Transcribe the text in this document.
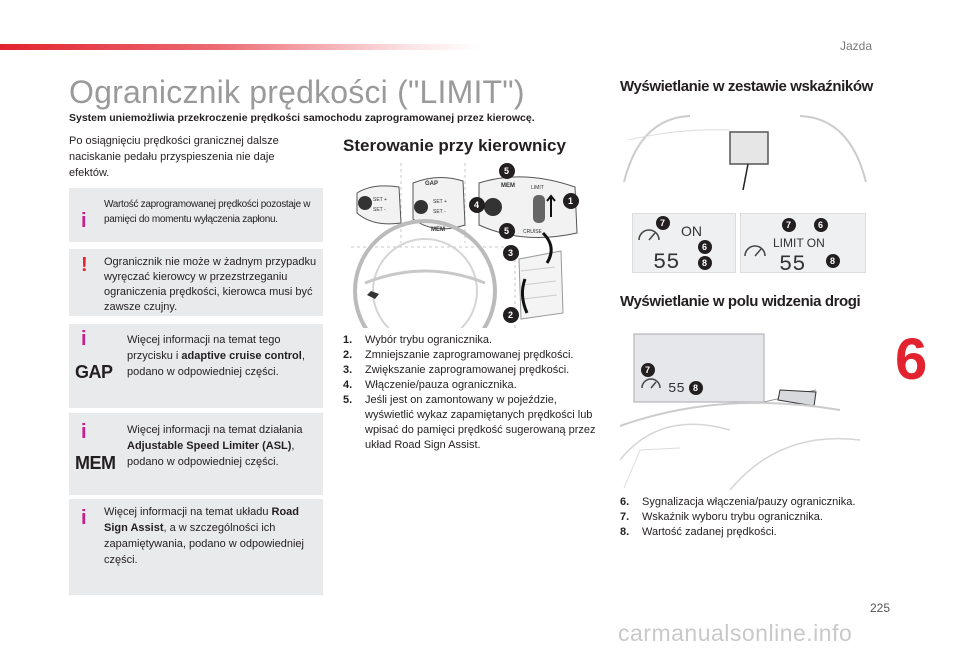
Jazda
Ogranicznik prędkości ("LIMIT")

System uniemożliwia przekroczenie prędkości samochodu zaprogramowanej przez kierowcę.

Po osiągnięciu prędkości granicznej dalsze naciskanie pedału przyspieszenia nie daje efektów.

i

Wartość zaprogramowanej prędkości pozostaje w pamięci do momentu wyłączenia zapłonu.

! Ogranicznik nie może w żadnym przypadku wyręczać kierowcy w przezstrzeganiu ograniczenia prędkości, kierowca musi być zawsze czujny.

i
GAP

Więcej informacji na temat tego przycisku i adaptive cruise control, podano w odpowiedniej części.

i
MEM

Więcej informacji na temat działania Adjustable Speed Limiter (ASL), podano w odpowiedniej części.

i Więcej informacji na temat układu Road Sign Assist, a w szczególności ich zapamiętywania, podano w odpowiedniej części.

Sterowanie przy kierownicy
SET +
SET -
GAP
SET +
SET -
MEM
MEM	LIMIT
CRUISE
1
2
3
4
5
5
1. Wybór trybu ogranicznika.
2. Zmniejszanie zaprogramowanej prędkości.
3. Zwiększanie zaprogramowanej prędkości.
4. Włączenie/pauza ogranicznika.
5. Jeśli jest on zamontowany w pojeździe, wyświetlić wykaz zapamiętanych prędkości lub wpisać do pamięci prędkość sugerowaną przez układ Road Sign Assist.
Wyświetlanie w zestawie wskaźników
ON
55
7
6
8
LIMIT ON
55
7	6
8
Wyświetlanie w polu widzenia drogi
55
7
8
6. Sygnalizacja włączenia/pauzy ogranicznika.
7. Wskaźnik wyboru trybu ogranicznika.
8. Wartość zadanej prędkości.
6
225
carmanualsonline.info
